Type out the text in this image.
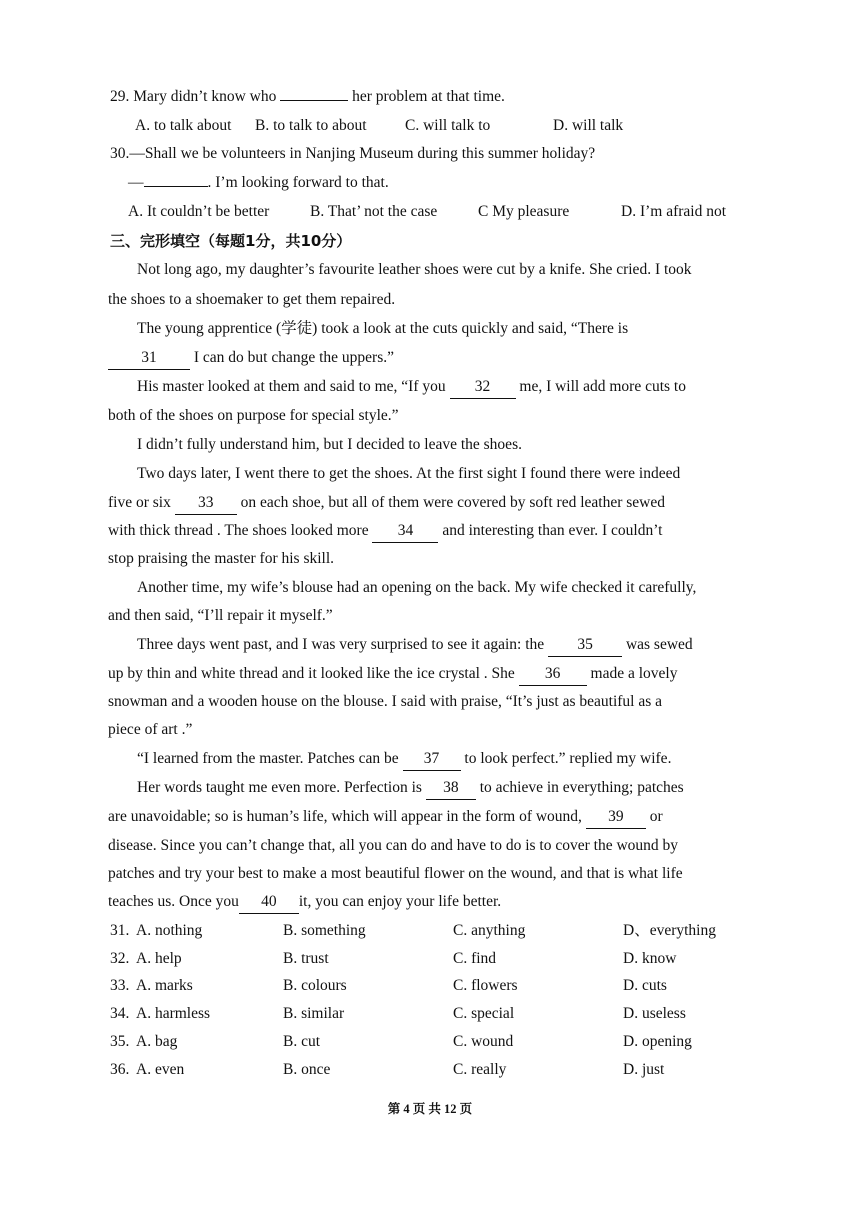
29. Mary didn’t know who	her problem at that time.
A. to talk about B. to talk to about C. will talk to	D. will talk
30.—Shall we be volunteers in Nanjing Museum during this summer holiday?
—	. I’m looking forward to that.
A. It couldn’t be better	B. That’ not the case	C My pleasure	D. I’m afraid not
三、完形填空（每题1分，共10分）
Not long ago, my daughter’s favourite leather shoes were cut by a knife. She cried. I took
the shoes to a shoemaker to get them repaired.
The young apprentice (学徒) took a look at the cuts quickly and said, “There is
31 I can do but change the uppers.”
His master looked at them and said to me, “If you 32 me, I will add more cuts to
both of the shoes on purpose for special style.”
I didn’t fully understand him, but I decided to leave the shoes.
Two days later, I went there to get the shoes. At the first sight I found there were indeed
five or six 33 on each shoe, but all of them were covered by soft red leather sewed
with thick thread . The shoes looked more 34 and interesting than ever. I couldn’t
stop praising the master for his skill.
Another time, my wife’s blouse had an opening on the back. My wife checked it carefully,
and then said, “I’ll repair it myself.”
Three days went past, and I was very surprised to see it again: the 35 was sewed
up by thin and white thread and it looked like the ice crystal . She 36 made a lovely
snowman and a wooden house on the blouse. I said with praise, “It’s just as beautiful as a
piece of art .”
“I learned from the master. Patches can be 37 to look perfect.” replied my wife.
Her words taught me even more. Perfection is 38 to achieve in everything; patches
are unavoidable; so is human’s life, which will appear in the form of wound, 39 or
disease. Since you can’t change that, all you can do and have to do is to cover the wound by
patches and try your best to make a most beautiful flower on the wound, and that is what life
teaches us. Once you 40 it, you can enjoy your life better.
31. A. nothing	B. something	C. anything	D、everything
32. A. help	B. trust	C. find	D. know
33. A. marks	B. colours	C. flowers	D. cuts
34. A. harmless	B. similar	C. special	D. useless
35. A. bag	B. cut	C. wound	D. opening
36. A. even	B. once	C. really	D. just
第 4 页 共 12 页
